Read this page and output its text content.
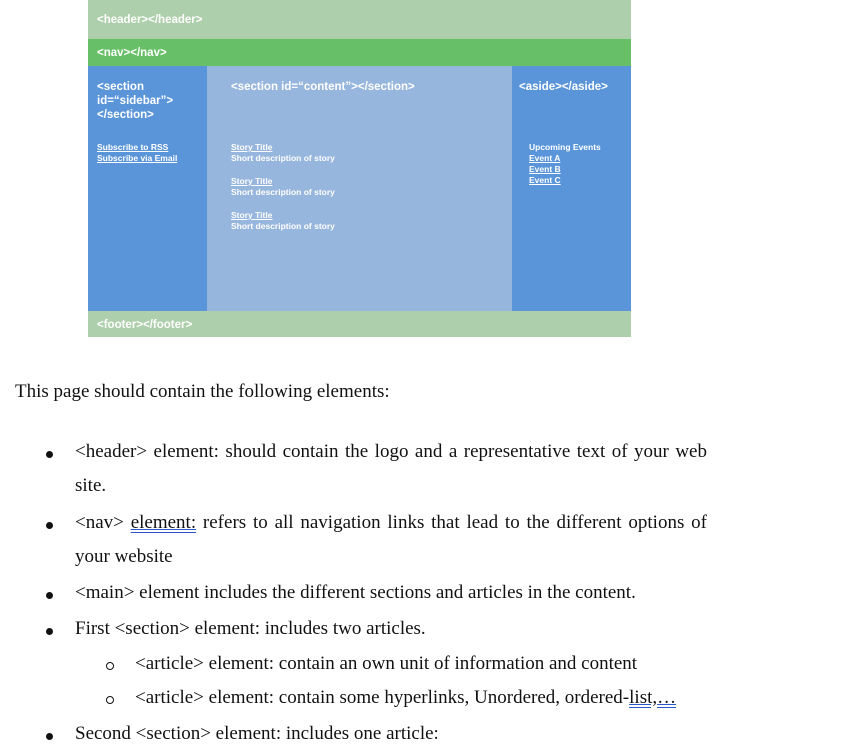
<header></header>
<nav></nav>
<section
id=“sidebar”>
</section>
Subscribe to RSS
Subscribe via Email
<section id=“content”></section>
Story Title
Short description of story
Story Title
Short description of story
Story Title
Short description of story
<aside></aside>
Upcoming Events
Event A
Event B
Event C
<footer></footer>

This page should contain the following elements:

<header> element: should contain the logo and a representative text of your web site.
<nav> element: refers to all navigation links that lead to the different options of your website
<main> element includes the different sections and articles in the content.
First <section> element: includes two articles.
<article> element: contain an own unit of information and content
<article> element: contain some hyperlinks, Unordered, ordered-list,…
Second <section> element: includes one article:
